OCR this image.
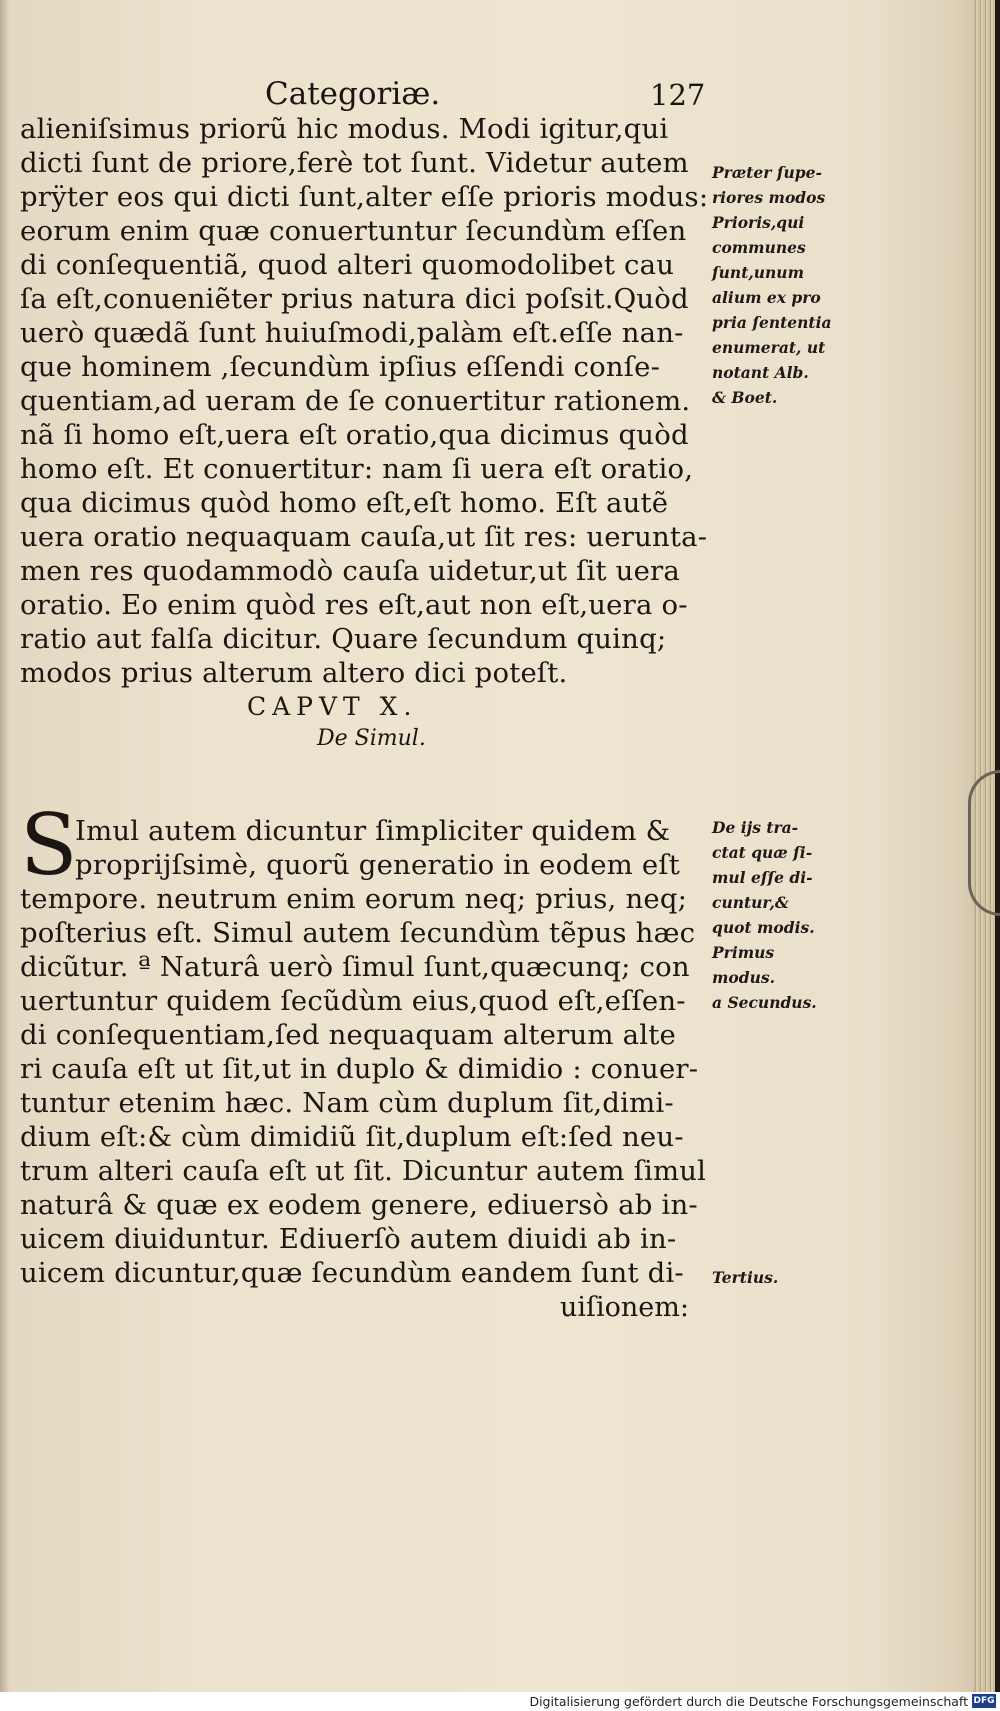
Categoriæ.	127
alieniſsimus priorũ hic modus. Modi igitur,qui
dicti ſunt de priore,ferè tot ſunt. Videtur autem
prÿter eos qui dicti ſunt,alter eſſe prioris modus:
eorum enim quæ conuertuntur ſecundùm eſſen
di conſequentiã, quod alteri quomodolibet cau
ſa eſt,conueniẽter prius natura dici poſsit.Quòd
uerò quædã ſunt huiuſmodi,palàm eſt.eſſe nan-
que hominem ,ſecundùm ipſius eſſendi conſe-
quentiam,ad ueram de ſe conuertitur rationem.
nã ſi homo eſt,uera eſt oratio,qua dicimus quòd
homo eſt. Et conuertitur: nam ſi uera eſt oratio,
qua dicimus quòd homo eſt,eſt homo. Eſt autẽ
uera oratio nequaquam cauſa,ut ſit res: ueruntа-
men res quodammodò cauſa uidetur,ut ſit uera
oratio. Eo enim quòd res eſt,aut non eſt,uera o-
ratio aut falſa dicitur. Quare ſecundum quinq;
modos prius alterum altero dici poteſt.
CAPVT X.
De Simul.
S
Imul autem dicuntur ſimpliciter quidem &
proprijſsimè, quorũ generatio in eodem eſt
tempore. neutrum enim eorum neq; prius, neq;
poſterius eſt. Simul autem ſecundùm tẽpus hæc
dicũtur. ª Naturâ uerò ſimul ſunt,quæcunq; con
uertuntur quidem ſecũdùm eius,quod eſt,eſſen-
di conſequentiam,ſed nequaquam alterum alte
ri cauſa eſt ut ſit,ut in duplo & dimidio : conuer-
tuntur etenim hæc. Nam cùm duplum ſit,dimi-
dium eſt:& cùm dimidiũ ſit,duplum eſt:ſed neu-
trum alteri cauſa eſt ut ſit. Dicuntur autem ſimul
naturâ & quæ ex eodem genere, ediuersò ab in-
uicem diuiduntur. Ediuerſò autem diuidi ab in-
uicem dicuntur,quæ ſecundùm eandem ſunt di-
uiſionem:
Præter ſupe-
riores modos
Prioris,qui
communes
ſunt,unum
alium ex pro
pria ſententia
enumerat, ut
notant Alb.
& Boet.
De ijs tra-
ctat quæ ſi-
mul eſſe di-
cuntur,&
quot modis.
Primus
modus.
a Secundus.
Tertius.
Digitalisierung gefördert durch die Deutsche Forschungsgemeinschaft DFG
